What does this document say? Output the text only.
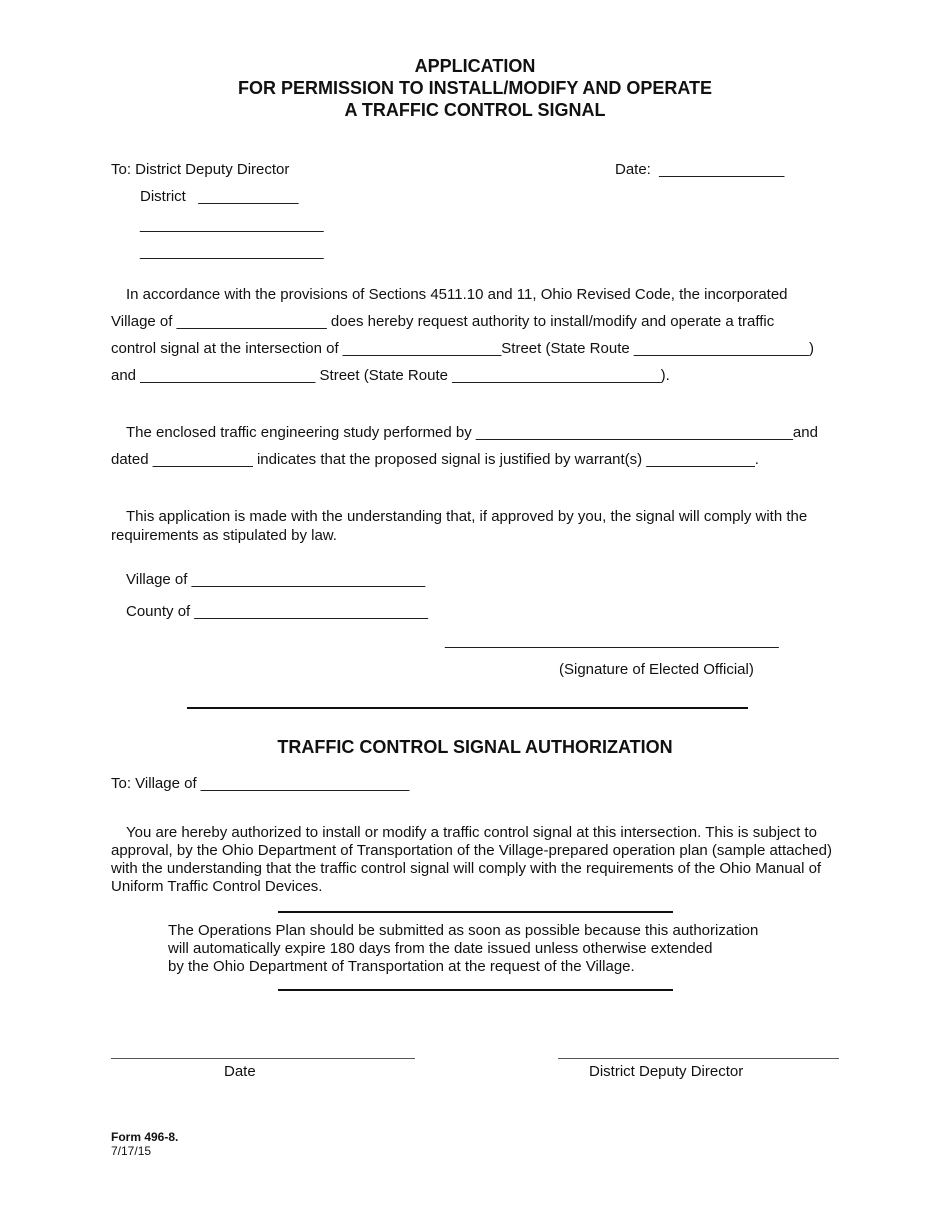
APPLICATION
FOR PERMISSION TO INSTALL/MODIFY AND OPERATE
A TRAFFIC CONTROL SIGNAL
To: District Deputy Director	Date:  _______________
District   ____________
______________________
______________________
In accordance with the provisions of Sections 4511.10 and 11, Ohio Revised Code, the incorporated
Village of __________________ does hereby request authority to install/modify and operate a traffic
control signal at the intersection of ___________________Street (State Route _____________________)
and _____________________ Street (State Route _________________________).
The enclosed traffic engineering study performed by ______________________________________and
dated ____________ indicates that the proposed signal is justified by warrant(s) _____________.
This application is made with the understanding that, if approved by you, the signal will comply with the
requirements as stipulated by law.
Village of ____________________________
County of ____________________________
________________________________________
(Signature of Elected Official)
TRAFFIC CONTROL SIGNAL AUTHORIZATION
To: Village of _________________________
You are hereby authorized to install or modify a traffic control signal at this intersection. This is subject to approval, by the Ohio Department of Transportation of the Village-prepared operation plan (sample attached) with the understanding that the traffic control signal will comply with the requirements of the Ohio Manual of Uniform Traffic Control Devices.
The Operations Plan should be submitted as soon as possible because this authorization
will automatically expire 180 days from the date issued unless otherwise extended
by the Ohio Department of Transportation at the request of the Village.
Date	District Deputy Director
Form 496-8.
7/17/15
